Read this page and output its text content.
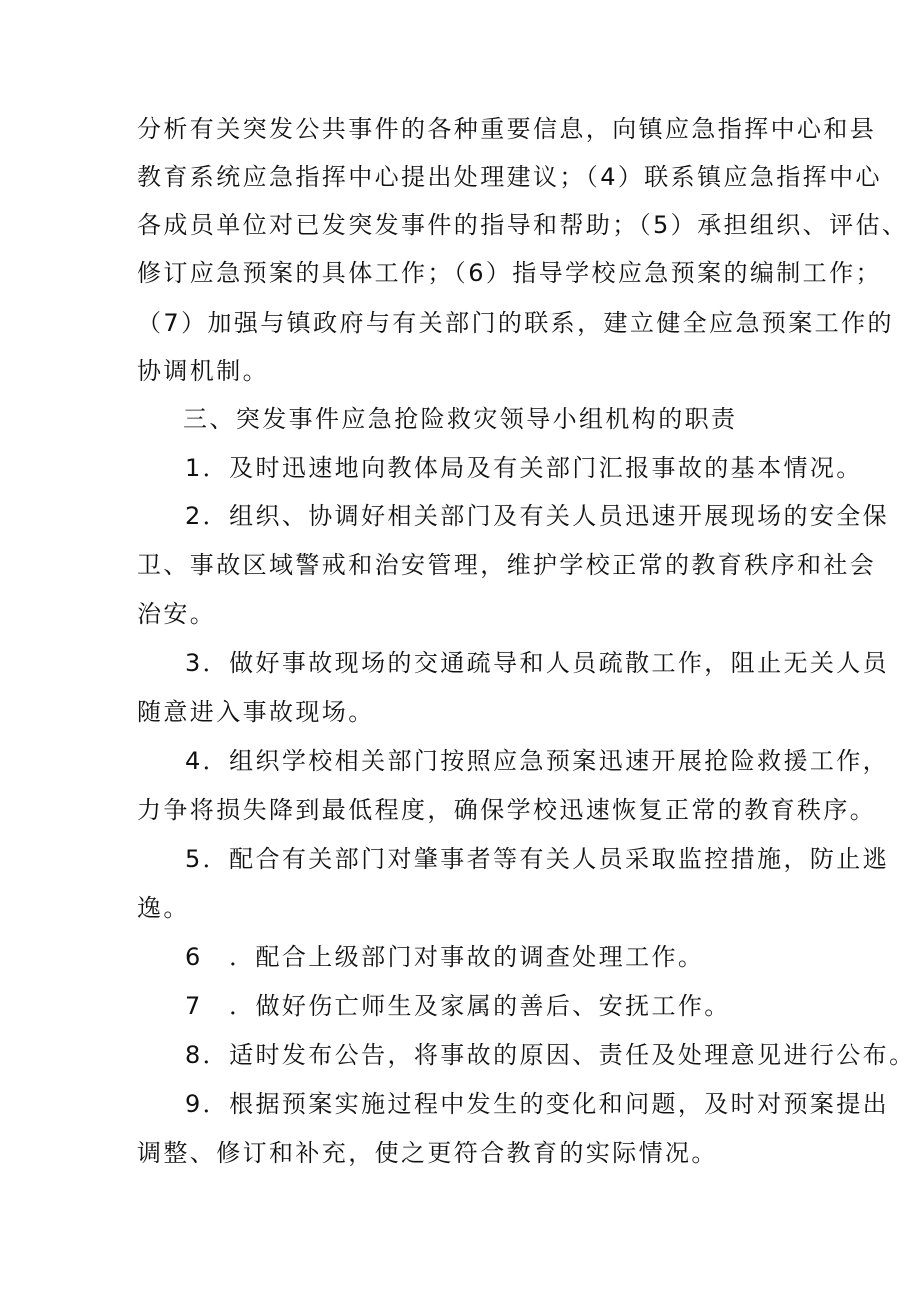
分析有关突发公共事件的各种重要信息，向镇应急指挥中心和县
教育系统应急指挥中心提出处理建议；（4）联系镇应急指挥中心
各成员单位对已发突发事件的指导和帮助；（5）承担组织、评估、
修订应急预案的具体工作；（6）指导学校应急预案的编制工作；
（7）加强与镇政府与有关部门的联系，建立健全应急预案工作的
协调机制。
三、突发事件应急抢险救灾领导小组机构的职责
1．及时迅速地向教体局及有关部门汇报事故的基本情况。
2．组织、协调好相关部门及有关人员迅速开展现场的安全保
卫、事故区域警戒和治安管理，维护学校正常的教育秩序和社会
治安。
3．做好事故现场的交通疏导和人员疏散工作，阻止无关人员
随意进入事故现场。
4．组织学校相关部门按照应急预案迅速开展抢险救援工作，
力争将损失降到最低程度，确保学校迅速恢复正常的教育秩序。
5．配合有关部门对肇事者等有关人员采取监控措施，防止逃
逸。
6　．配合上级部门对事故的调查处理工作。
7　．做好伤亡师生及家属的善后、安抚工作。
8．适时发布公告，将事故的原因、责任及处理意见进行公布。
9．根据预案实施过程中发生的变化和问题，及时对预案提出
调整、修订和补充，使之更符合教育的实际情况。
